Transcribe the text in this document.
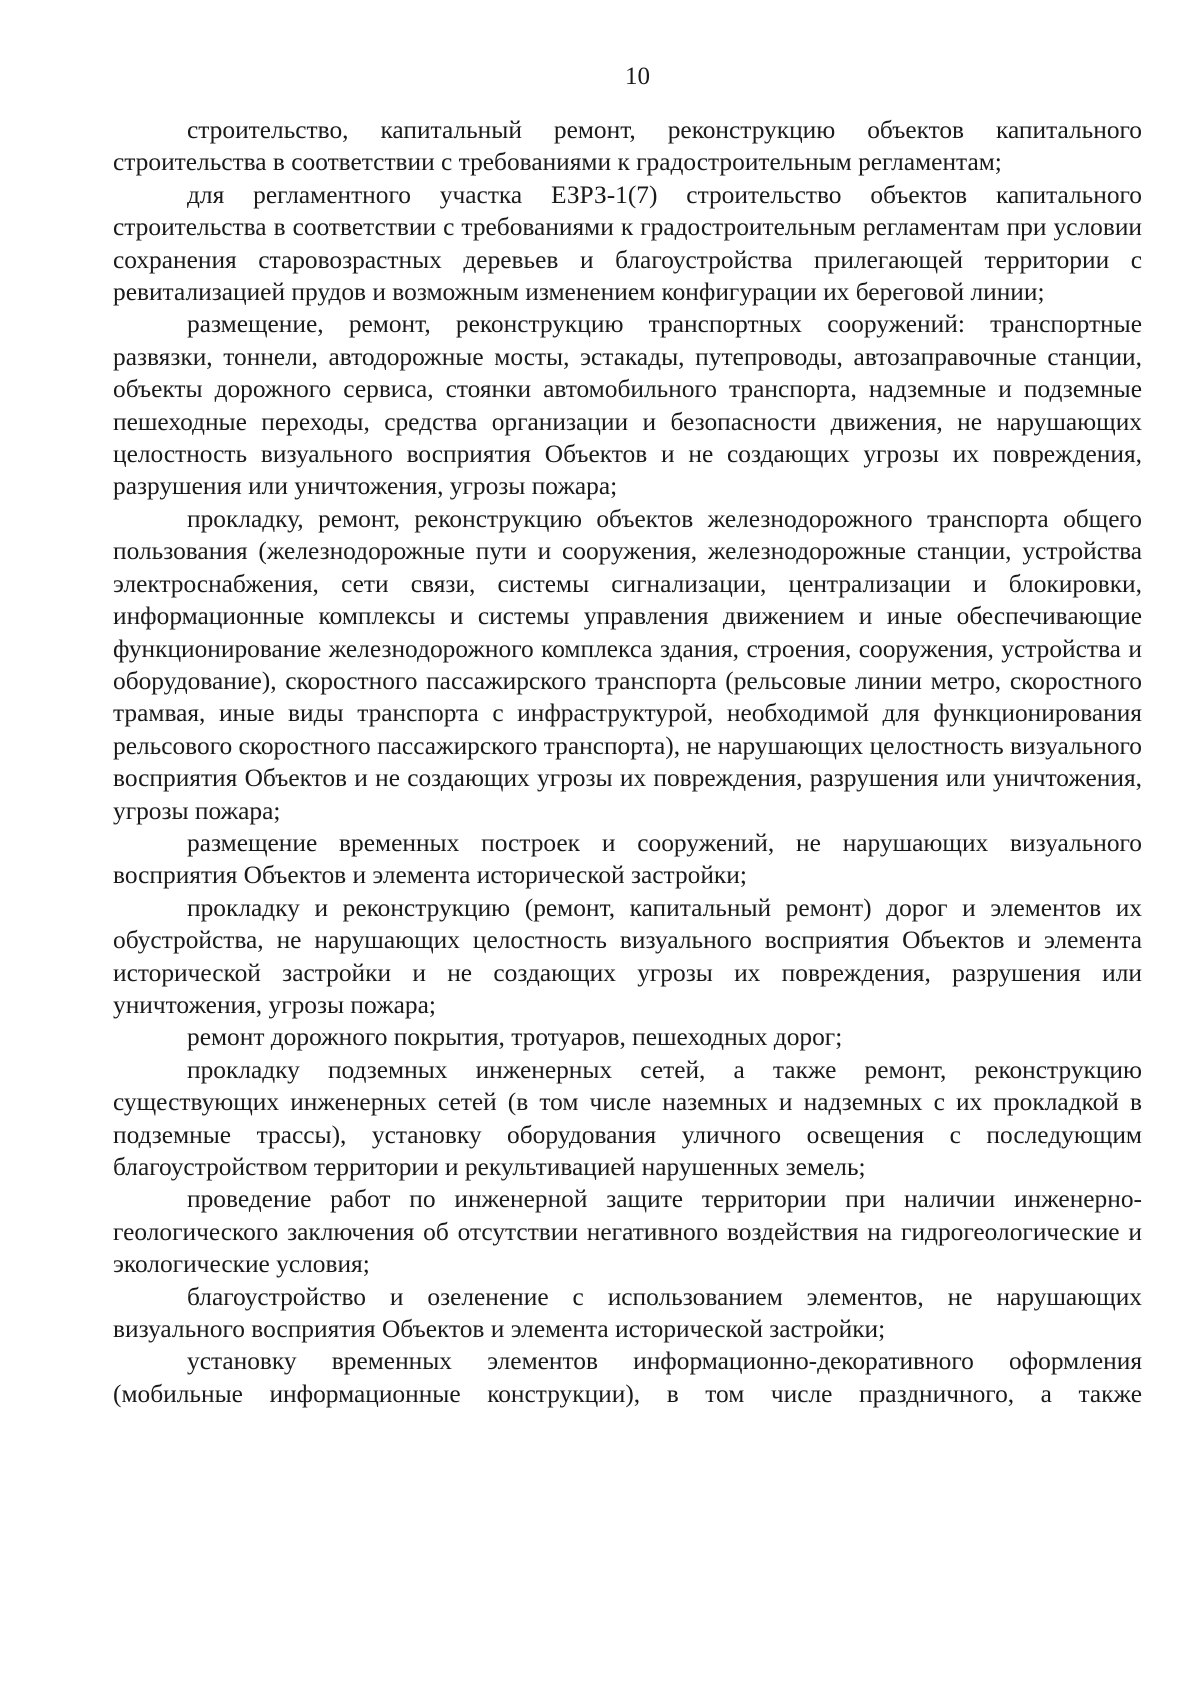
10

строительство, капитальный ремонт, реконструкцию объектов капитального строительства в соответствии с требованиями к градостроительным регламентам;

для регламентного участка ЕЗРЗ-1(7) строительство объектов капитального строительства в соответствии с требованиями к градостроительным регламентам при условии сохранения старовозрастных деревьев и благоустройства прилегающей территории с ревитализацией прудов и возможным изменением конфигурации их береговой линии;

размещение, ремонт, реконструкцию транспортных сооружений: транспортные развязки, тоннели, автодорожные мосты, эстакады, путепроводы, автозаправочные станции, объекты дорожного сервиса, стоянки автомобильного транспорта, надземные и подземные пешеходные переходы, средства организации и безопасности движения, не нарушающих целостность визуального восприятия Объектов и не создающих угрозы их повреждения, разрушения или уничтожения, угрозы пожара;

прокладку, ремонт, реконструкцию объектов железнодорожного транспорта общего пользования (железнодорожные пути и сооружения, железнодорожные станции, устройства электроснабжения, сети связи, системы сигнализации, централизации и блокировки, информационные комплексы и системы управления движением и иные обеспечивающие функционирование железнодорожного комплекса здания, строения, сооружения, устройства и оборудование), скоростного пассажирского транспорта (рельсовые линии метро, скоростного трамвая, иные виды транспорта с инфраструктурой, необходимой для функционирования рельсового скоростного пассажирского транспорта), не нарушающих целостность визуального восприятия Объектов и не создающих угрозы их повреждения, разрушения или уничтожения, угрозы пожара;

размещение временных построек и сооружений, не нарушающих визуального восприятия Объектов и элемента исторической застройки;

прокладку и реконструкцию (ремонт, капитальный ремонт) дорог и элементов их обустройства, не нарушающих целостность визуального восприятия Объектов и элемента исторической застройки и не создающих угрозы их повреждения, разрушения или уничтожения, угрозы пожара;

ремонт дорожного покрытия, тротуаров, пешеходных дорог;

прокладку подземных инженерных сетей, а также ремонт, реконструкцию существующих инженерных сетей (в том числе наземных и надземных с их прокладкой в подземные трассы), установку оборудования уличного освещения с последующим благоустройством территории и рекультивацией нарушенных земель;

проведение работ по инженерной защите территории при наличии инженерно-геологического заключения об отсутствии негативного воздействия на гидрогеологические и экологические условия;

благоустройство и озеленение с использованием элементов, не нарушающих визуального восприятия Объектов и элемента исторической застройки;

установку временных элементов информационно-декоративного оформления (мобильные информационные конструкции), в том числе праздничного, а также
